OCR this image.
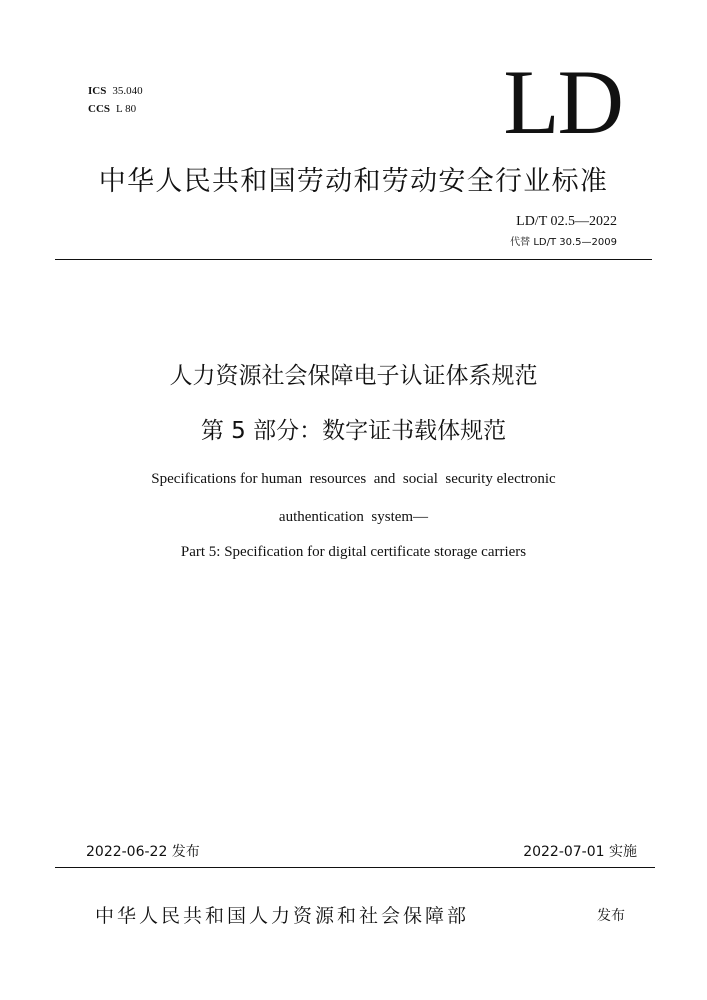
ICS 35.040
CCS L 80	LD
中华人民共和国劳动和劳动安全行业标准
LD/T 02.5—2022
代替 LD/T 30.5—2009
人力资源社会保障电子认证体系规范
第 5 部分：数字证书载体规范
Specifications for human  resources  and  social  security electronic
authentication  system—
Part 5: Specification for digital certificate storage carriers
2022-06-22 发布	2022-07-01 实施
中华人民共和国人力资源和社会保障部	发布
